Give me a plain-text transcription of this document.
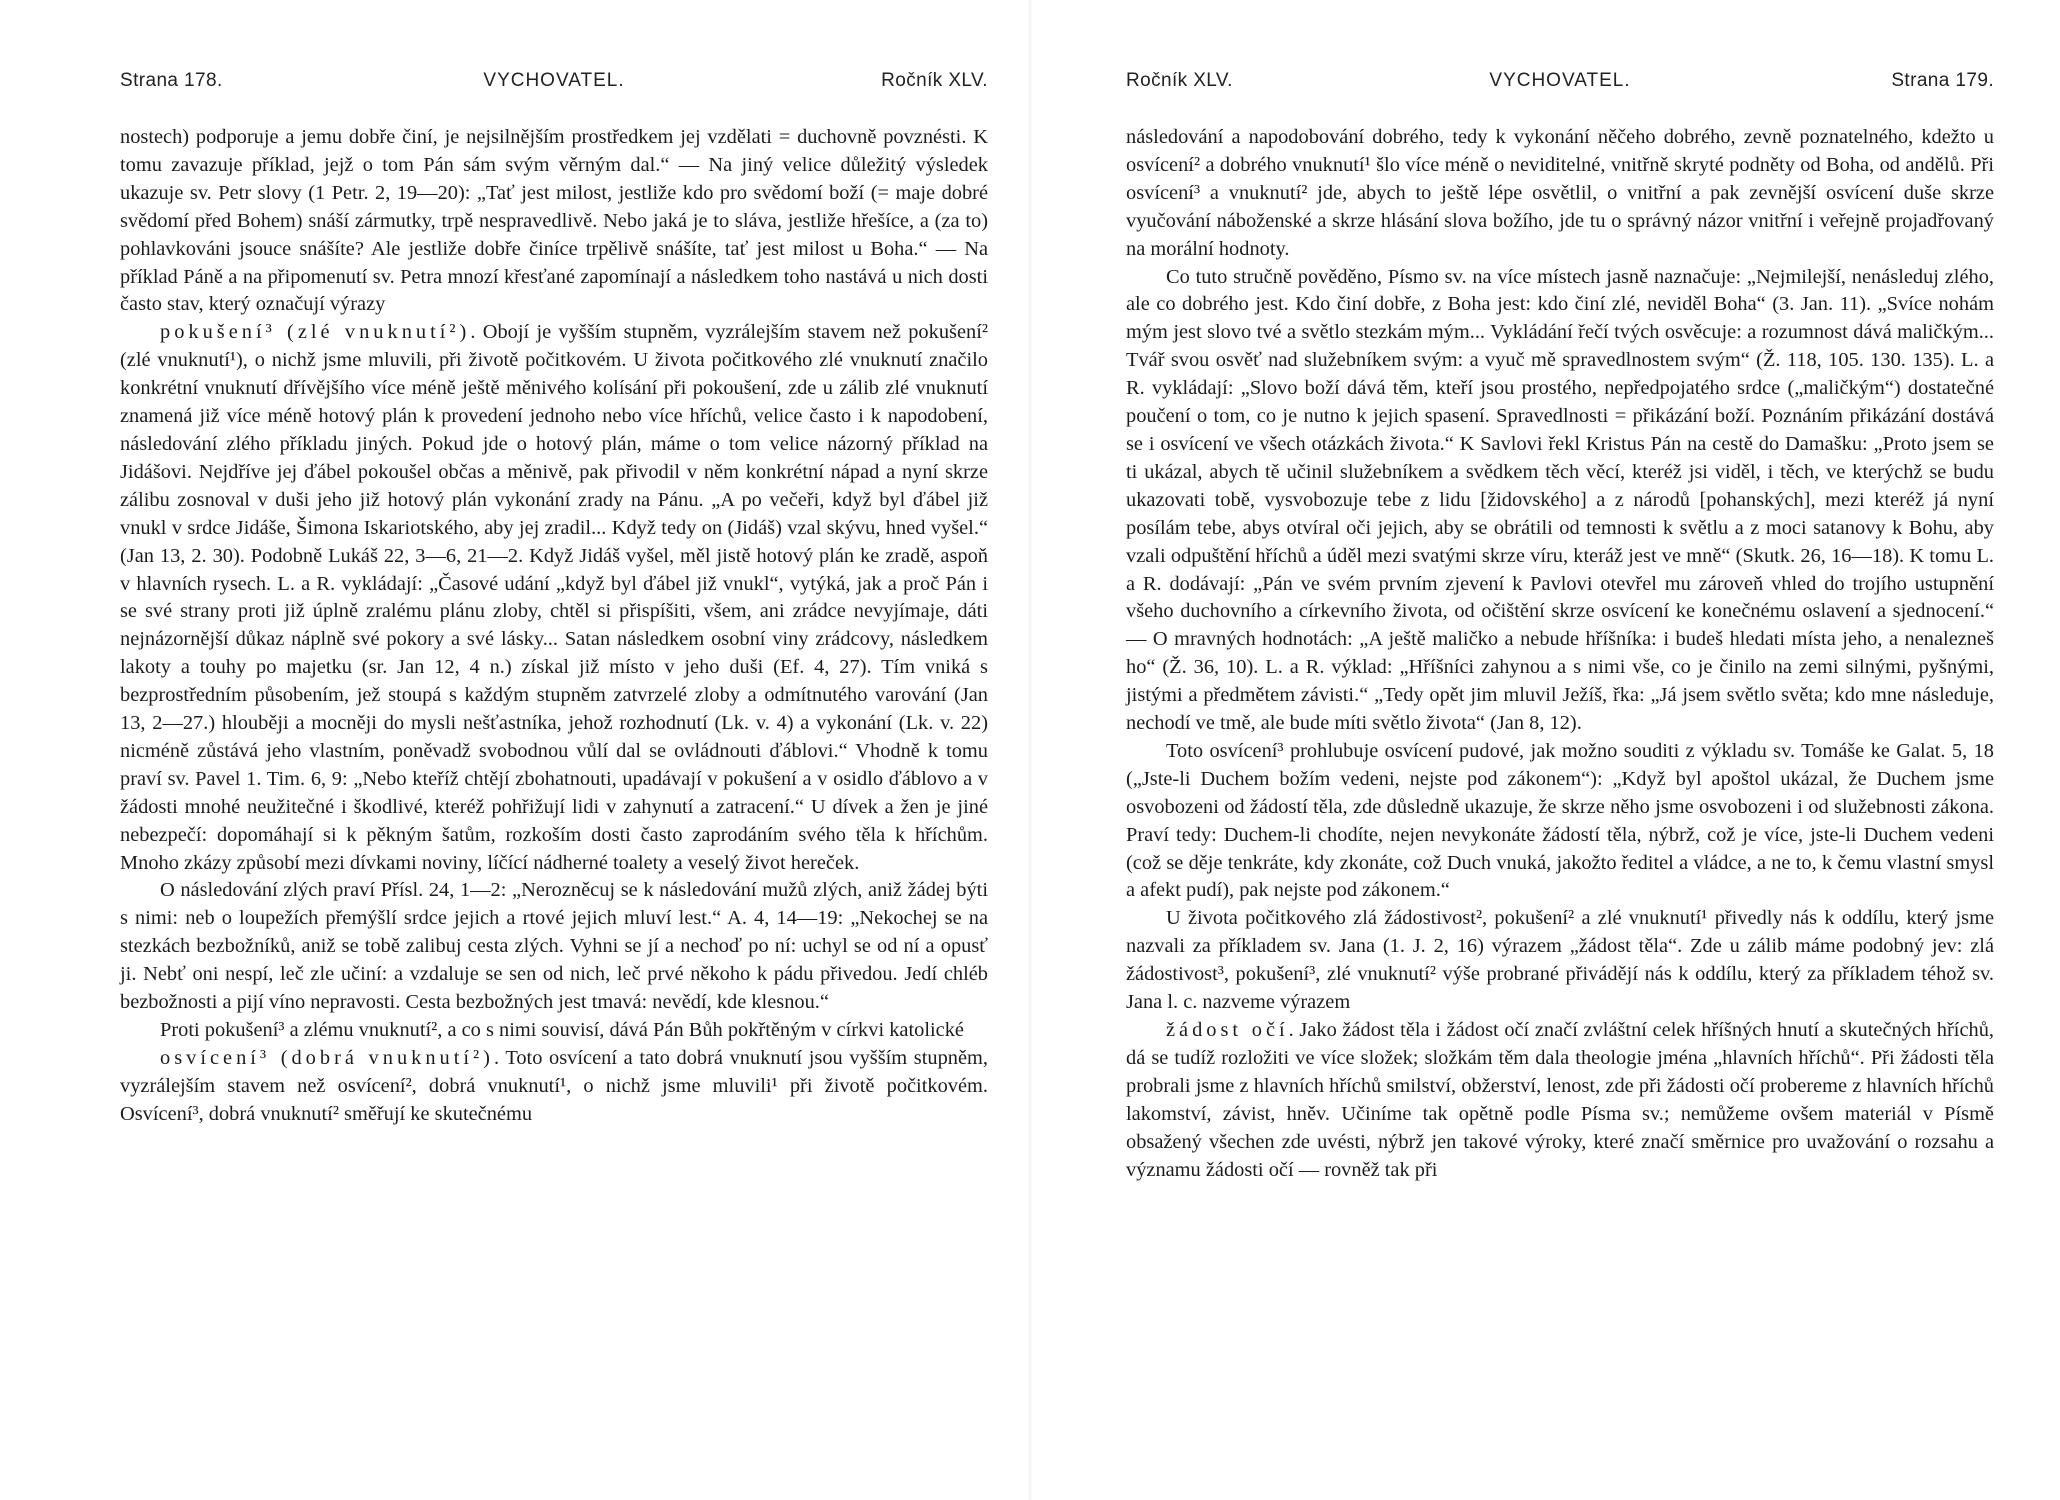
Strana 178.	VYCHOVATEL.	Ročník XLV.

nostech) podporuje a jemu dobře činí, je nejsilnějším prostředkem jej vzdělati = duchovně povznésti. K tomu zavazuje příklad, jejž o tom Pán sám svým věrným dal.“ — Na jiný velice důležitý výsledek ukazuje sv. Petr slovy (1 Petr. 2, 19—20): „Tať jest milost, jestliže kdo pro svědomí boží (= maje dobré svědomí před Bohem) snáší zármutky, trpě nespravedlivě. Nebo jaká je to sláva, jestliže hřešíce, a (za to) pohlavkováni jsouce snášíte? Ale jestliže dobře činíce trpělivě snášíte, tať jest milost u Boha.“ — Na příklad Páně a na připomenutí sv. Petra mnozí křesťané zapomínají a následkem toho nastává u nich dosti často stav, který označují výrazy

pokušení³ (zlé vnuknutí²). Obojí je vyšším stupněm, vyzrálejším stavem než pokušení² (zlé vnuknutí¹), o nichž jsme mluvili, při životě počitkovém. U života počitkového zlé vnuknutí značilo konkrétní vnuknutí dřívějšího více méně ještě měnivého kolísání při pokoušení, zde u zálib zlé vnuknutí znamená již více méně hotový plán k provedení jednoho nebo více hříchů, velice často i k napodobení, následování zlého příkladu jiných. Pokud jde o hotový plán, máme o tom velice názorný příklad na Jidášovi. Nejdříve jej ďábel pokoušel občas a měnivě, pak přivodil v něm konkrétní nápad a nyní skrze zálibu zosnoval v duši jeho již hotový plán vykonání zrady na Pánu. „A po večeři, když byl ďábel již vnukl v srdce Jidáše, Šimona Iskariotského, aby jej zradil... Když tedy on (Jidáš) vzal skývu, hned vyšel.“ (Jan 13, 2. 30). Podobně Lukáš 22, 3—6, 21—2. Když Jidáš vyšel, měl jistě hotový plán ke zradě, aspoň v hlavních rysech. L. a R. vykládají: „Časové udání „když byl ďábel již vnukl“, vytýká, jak a proč Pán i se své strany proti již úplně zralému plánu zloby, chtěl si přispíšiti, všem, ani zrádce nevyjímaje, dáti nejnázornější důkaz náplně své pokory a své lásky... Satan následkem osobní viny zrádcovy, následkem lakoty a touhy po majetku (sr. Jan 12, 4 n.) získal již místo v jeho duši (Ef. 4, 27). Tím vniká s bezprostředním působením, jež stoupá s každým stupněm zatvrzelé zloby a odmítnutého varování (Jan 13, 2—27.) hlouběji a mocněji do mysli nešťastníka, jehož rozhodnutí (Lk. v. 4) a vykonání (Lk. v. 22) nicméně zůstává jeho vlastním, poněvadž svobodnou vůlí dal se ovládnouti ďáblovi.“ Vhodně k tomu praví sv. Pavel 1. Tim. 6, 9: „Nebo kteříž chtějí zbohatnouti, upadávají v pokušení a v osidlo ďáblovo a v žádosti mnohé neužitečné i škodlivé, kteréž pohřižují lidi v zahynutí a zatracení.“ U dívek a žen je jiné nebezpečí: dopomáhají si k pěkným šatům, rozkoším dosti často zaprodáním svého těla k hříchům. Mnoho zkázy způsobí mezi dívkami noviny, líčící nádherné toalety a veselý život hereček.

O následování zlých praví Přísl. 24, 1—2: „Nerozněcuj se k následování mužů zlých, aniž žádej býti s nimi: neb o loupežích přemýšlí srdce jejich a rtové jejich mluví lest.“ A. 4, 14—19: „Nekochej se na stezkách bezbožníků, aniž se tobě zalibuj cesta zlých. Vyhni se jí a nechoď po ní: uchyl se od ní a opusť ji. Nebť oni nespí, leč zle učiní: a vzdaluje se sen od nich, leč prvé někoho k pádu přivedou. Jedí chléb bezbožnosti a pijí víno nepravosti. Cesta bezbožných jest tmavá: nevědí, kde klesnou.“

Proti pokušení³ a zlému vnuknutí², a co s nimi souvisí, dává Pán Bůh pokřtěným v církvi katolické

osvícení³ (dobrá vnuknutí²). Toto osvícení a tato dobrá vnuknutí jsou vyšším stupněm, vyzrálejším stavem než osvícení², dobrá vnuknutí¹, o nichž jsme mluvili¹ při životě počitkovém. Osvícení³, dobrá vnuknutí² směřují ke skutečnému

Ročník XLV.	VYCHOVATEL.	Strana 179.

následování a napodobování dobrého, tedy k vykonání něčeho dobrého, zevně poznatelného, kdežto u osvícení² a dobrého vnuknutí¹ šlo více méně o neviditelné, vnitřně skryté podněty od Boha, od andělů. Při osvícení³ a vnuknutí² jde, abych to ještě lépe osvětlil, o vnitřní a pak zevnější osvícení duše skrze vyučování náboženské a skrze hlásání slova božího, jde tu o správný názor vnitřní i veřejně projadřovaný na morální hodnoty.

Co tuto stručně pověděno, Písmo sv. na více místech jasně naznačuje: „Nejmilejší, nenásleduj zlého, ale co dobrého jest. Kdo činí dobře, z Boha jest: kdo činí zlé, neviděl Boha“ (3. Jan. 11). „Svíce nohám mým jest slovo tvé a světlo stezkám mým... Vykládání řečí tvých osvěcuje: a rozumnost dává maličkým... Tvář svou osvěť nad služebníkem svým: a vyuč mě spravedlnostem svým“ (Ž. 118, 105. 130. 135). L. a R. vykládají: „Slovo boží dává těm, kteří jsou prostého, nepředpojatého srdce („maličkým“) dostatečné poučení o tom, co je nutno k jejich spasení. Spravedlnosti = přikázání boží. Poznáním přikázání dostává se i osvícení ve všech otázkách života.“ K Savlovi řekl Kristus Pán na cestě do Damašku: „Proto jsem se ti ukázal, abych tě učinil služebníkem a svědkem těch věcí, kteréž jsi viděl, i těch, ve kterýchž se budu ukazovati tobě, vysvobozuje tebe z lidu [židovského] a z národů [pohanských], mezi kteréž já nyní posílám tebe, abys otvíral oči jejich, aby se obrátili od temnosti k světlu a z moci satanovy k Bohu, aby vzali odpuštění hříchů a úděl mezi svatými skrze víru, kteráž jest ve mně“ (Skutk. 26, 16—18). K tomu L. a R. dodávají: „Pán ve svém prvním zjevení k Pavlovi otevřel mu zároveň vhled do trojího ustupnění všeho duchovního a církevního života, od očištění skrze osvícení ke konečnému oslavení a sjednocení.“ — O mravných hodnotách: „A ještě maličko a nebude hříšníka: i budeš hledati místa jeho, a nenalezneš ho“ (Ž. 36, 10). L. a R. výklad: „Hříšníci zahynou a s nimi vše, co je činilo na zemi silnými, pyšnými, jistými a předmětem závisti.“ „Tedy opět jim mluvil Ježíš, řka: „Já jsem světlo světa; kdo mne následuje, nechodí ve tmě, ale bude míti světlo života“ (Jan 8, 12).

Toto osvícení³ prohlubuje osvícení pudové, jak možno souditi z výkladu sv. Tomáše ke Galat. 5, 18 („Jste-li Duchem božím vedeni, nejste pod zákonem“): „Když byl apoštol ukázal, že Duchem jsme osvobozeni od žádostí těla, zde důsledně ukazuje, že skrze něho jsme osvobozeni i od služebnosti zákona. Praví tedy: Duchem-li chodíte, nejen nevykonáte žádostí těla, nýbrž, což je více, jste-li Duchem vedeni (což se děje tenkráte, kdy zkonáte, což Duch vnuká, jakožto ředitel a vládce, a ne to, k čemu vlastní smysl a afekt pudí), pak nejste pod zákonem.“

U života počitkového zlá žádostivost², pokušení² a zlé vnuknutí¹ přivedly nás k oddílu, který jsme nazvali za příkladem sv. Jana (1. J. 2, 16) výrazem „žádost těla“. Zde u zálib máme podobný jev: zlá žádostivost³, pokušení³, zlé vnuknutí² výše probrané přivádějí nás k oddílu, který za příkladem téhož sv. Jana l. c. nazveme výrazem

žádost očí. Jako žádost těla i žádost očí značí zvláštní celek hříšných hnutí a skutečných hříchů, dá se tudíž rozložiti ve více složek; složkám těm dala theologie jména „hlavních hříchů“. Při žádosti těla probrali jsme z hlavních hříchů smilství, obžerství, lenost, zde při žádosti očí probereme z hlavních hříchů lakomství, závist, hněv. Učiníme tak opětně podle Písma sv.; nemůžeme ovšem materiál v Písmě obsažený všechen zde uvésti, nýbrž jen takové výroky, které značí směrnice pro uvažování o rozsahu a významu žádosti očí — rovněž tak při
